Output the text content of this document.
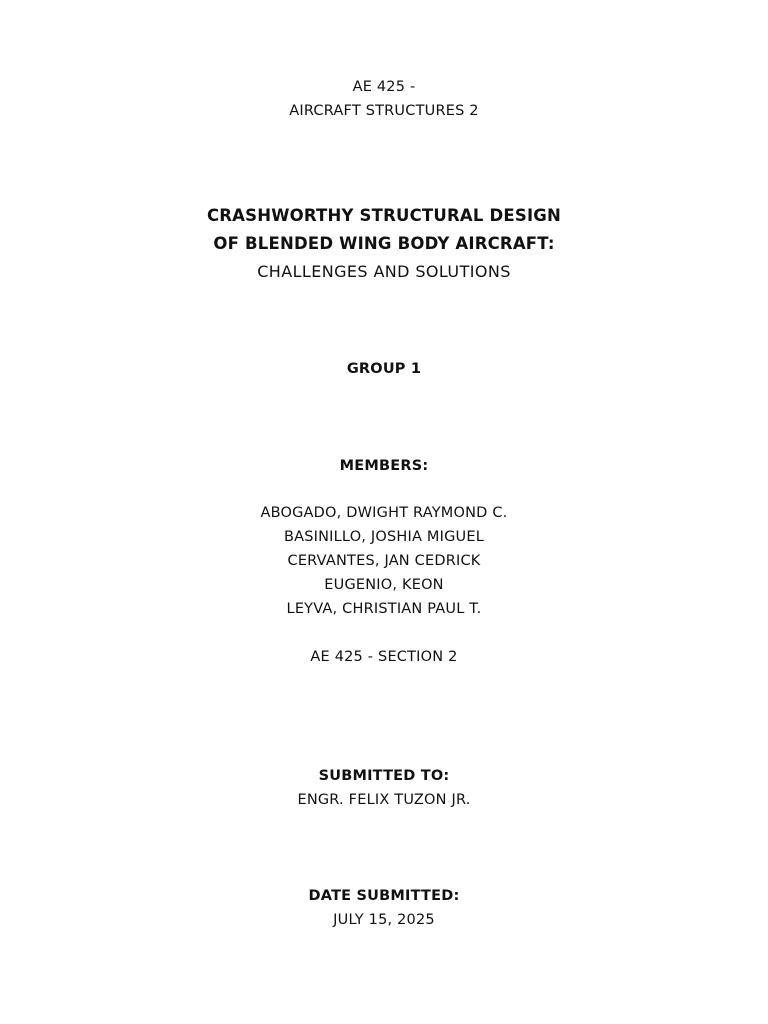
AE 425 -
AIRCRAFT STRUCTURES 2
CRASHWORTHY STRUCTURAL DESIGN
OF BLENDED WING BODY AIRCRAFT:
CHALLENGES AND SOLUTIONS
GROUP 1
MEMBERS:
ABOGADO, DWIGHT RAYMOND C.
BASINILLO, JOSHIA MIGUEL
CERVANTES, JAN CEDRICK
EUGENIO, KEON
LEYVA, CHRISTIAN PAUL T.
AE 425 - SECTION 2
SUBMITTED TO:
ENGR. FELIX TUZON JR.
DATE SUBMITTED:
JULY 15, 2025
